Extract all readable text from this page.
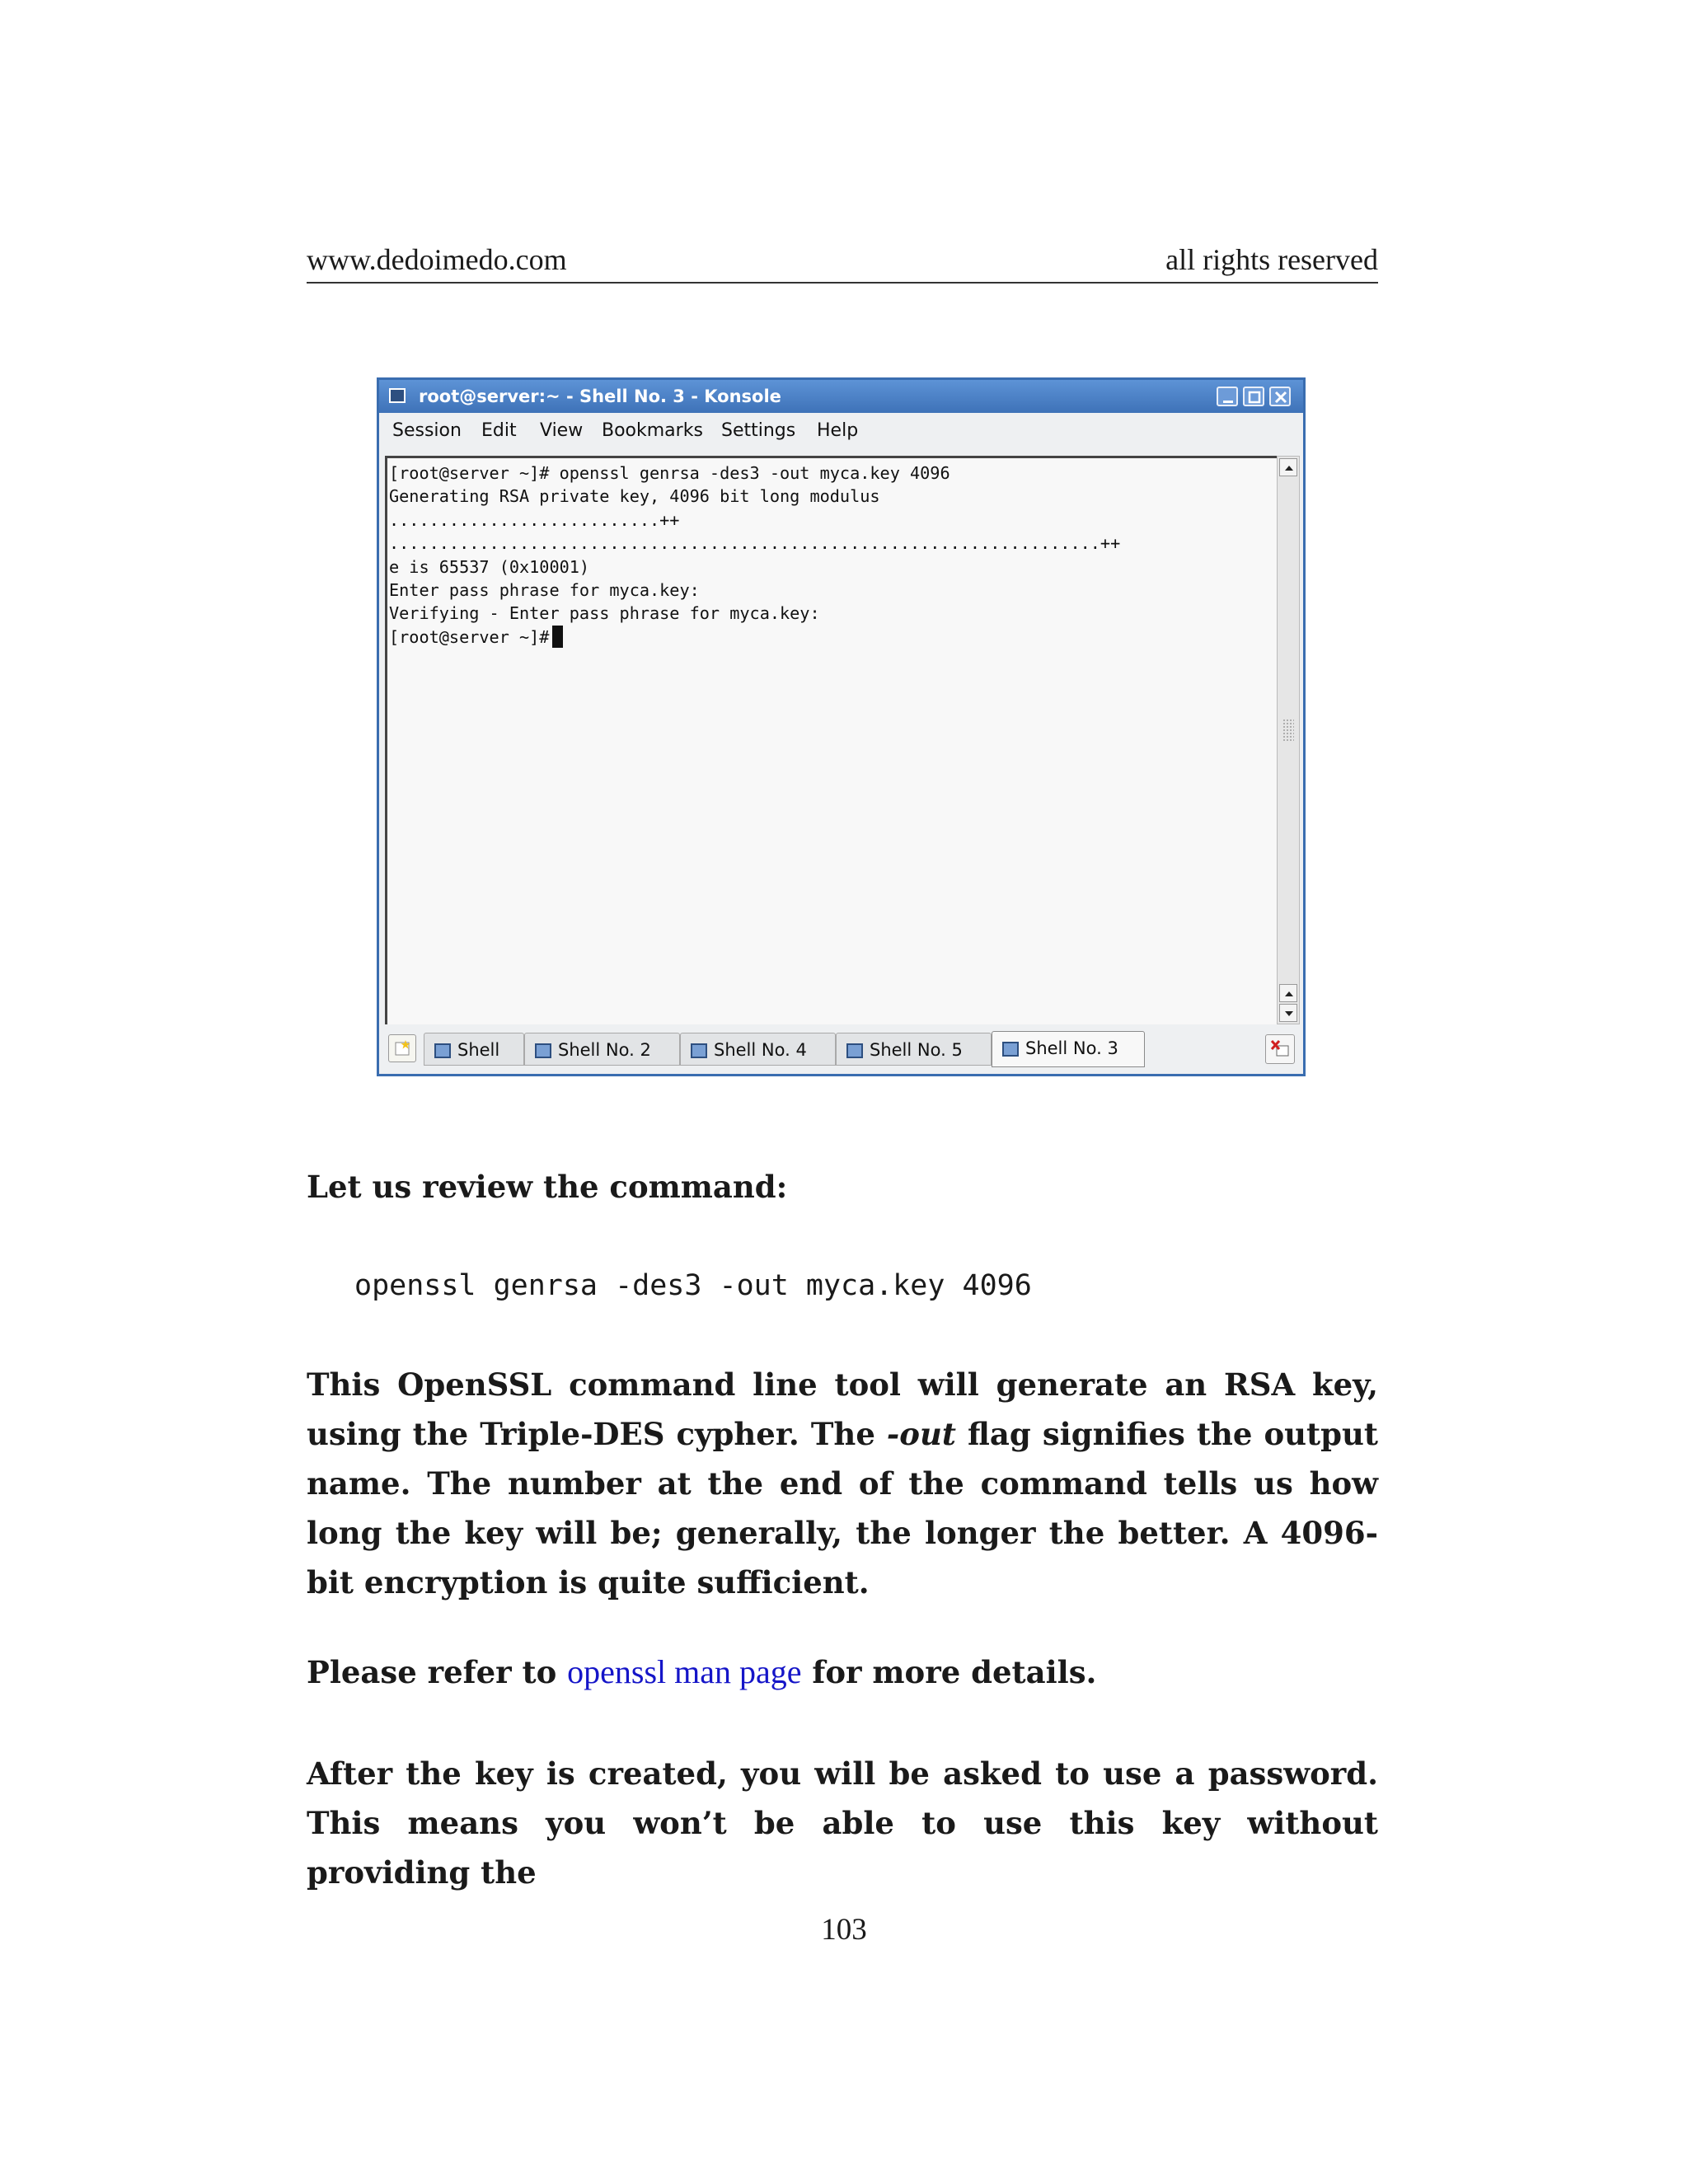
www.dedoimedo.com	all rights reserved
root@server:~ - Shell No. 3 - Konsole
Session Edit View Bookmarks Settings Help
[root@server ~]# openssl genrsa -des3 -out myca.key 4096
Generating RSA private key, 4096 bit long modulus
...........................++
.......................................................................++
e is 65537 (0x10001)
Enter pass phrase for myca.key:
Verifying - Enter pass phrase for myca.key:
[root@server ~]#
Shell	Shell No. 2	Shell No. 4	Shell No. 5	Shell No. 3
Let us review the command:
openssl genrsa -des3 -out myca.key 4096

This OpenSSL command line tool will generate an RSA key, using the Triple-DES cypher. The -out flag signifies the output name. The number at the end of the command tells us how long the key will be; generally, the longer the better. A 4096-bit encryption is quite sufficient.

Please refer to openssl man page for more details.

After the key is created, you will be asked to use a password. This means you won’t be able to use this key without providing the

103
